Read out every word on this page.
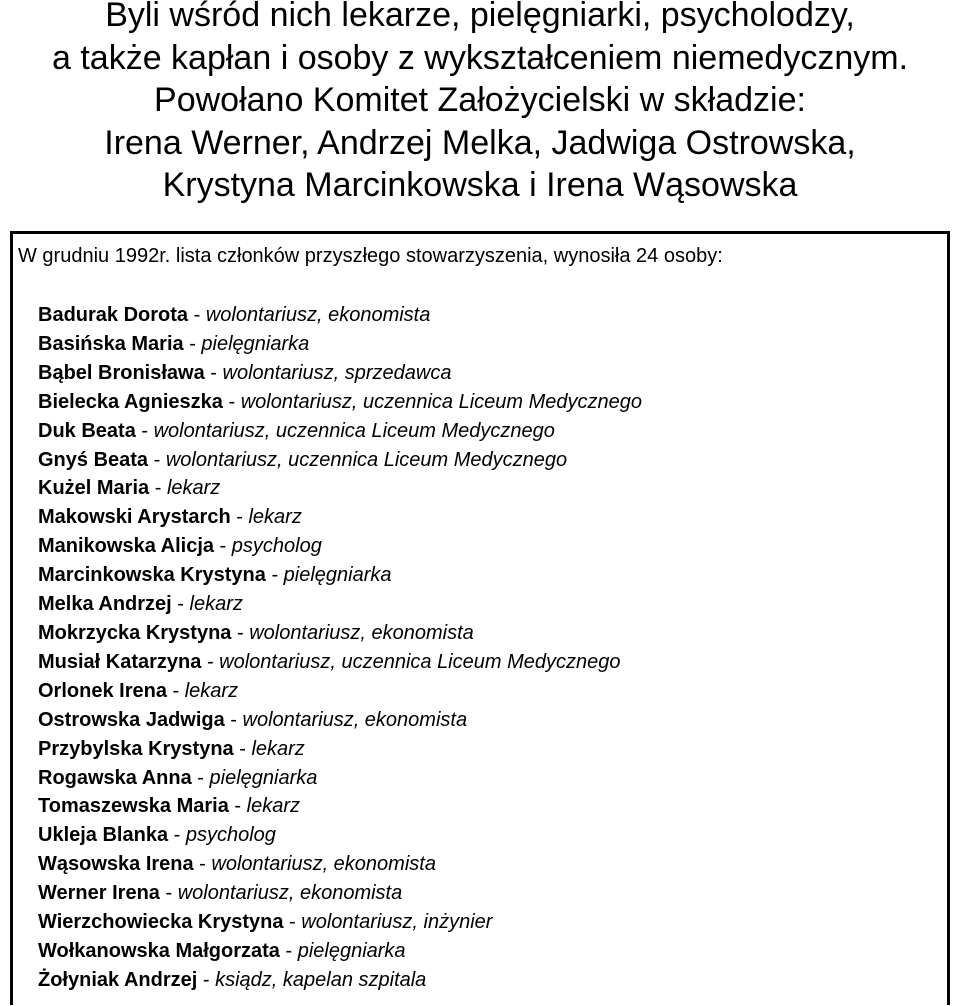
Byli wśród nich lekarze, pielęgniarki, psycholodzy,
a także kapłan i osoby z wykształceniem niemedycznym.
Powołano Komitet Założycielski w składzie:
Irena Werner, Andrzej Melka, Jadwiga Ostrowska,
Krystyna Marcinkowska i Irena Wąsowska
W grudniu 1992r. lista członków przyszłego stowarzyszenia, wynosiła 24 osoby:
Badurak Dorota - wolontariusz, ekonomista
Basińska Maria - pielęgniarka
Bąbel Bronisława - wolontariusz, sprzedawca
Bielecka Agnieszka - wolontariusz, uczennica Liceum Medycznego
Duk Beata - wolontariusz, uczennica Liceum Medycznego
Gnyś Beata - wolontariusz, uczennica Liceum Medycznego
Kużel Maria - lekarz
Makowski Arystarch - lekarz
Manikowska Alicja - psycholog
Marcinkowska Krystyna - pielęgniarka
Melka Andrzej - lekarz
Mokrzycka Krystyna - wolontariusz, ekonomista
Musiał Katarzyna - wolontariusz, uczennica Liceum Medycznego
Orlonek Irena - lekarz
Ostrowska Jadwiga - wolontariusz, ekonomista
Przybylska Krystyna - lekarz
Rogawska Anna - pielęgniarka
Tomaszewska Maria - lekarz
Ukleja Blanka - psycholog
Wąsowska Irena - wolontariusz, ekonomista
Werner Irena - wolontariusz, ekonomista
Wierzchowiecka Krystyna - wolontariusz, inżynier
Wołkanowska Małgorzata - pielęgniarka
Żołyniak Andrzej - ksiądz, kapelan szpitala
